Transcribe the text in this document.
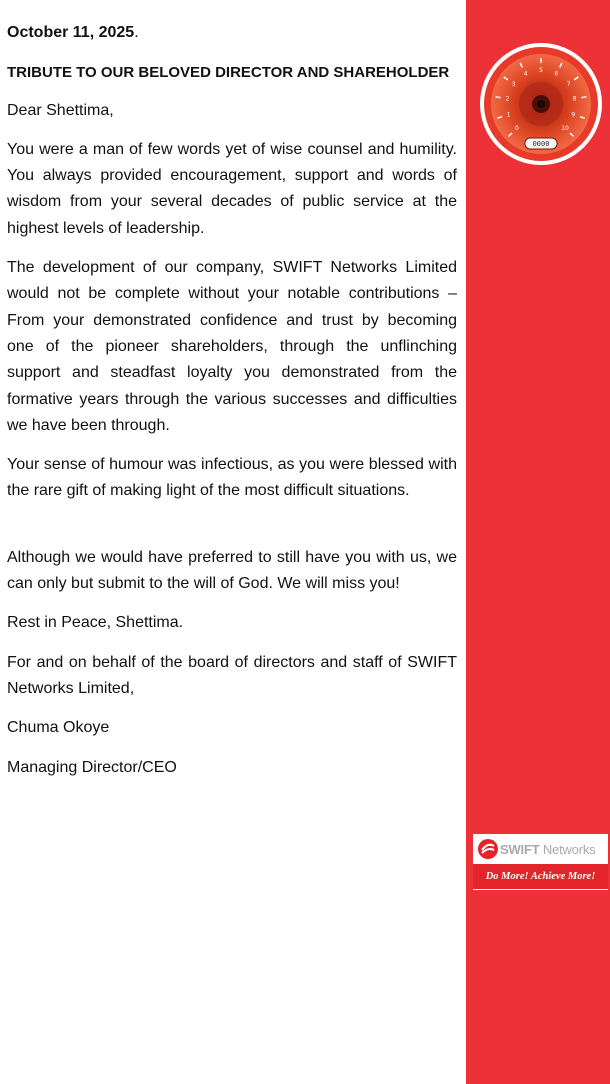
October 11, 2025.

TRIBUTE TO OUR BELOVED DIRECTOR AND SHAREHOLDER

Dear Shettima,

You were a man of few words yet of wise counsel and humility. You always provided encouragement, support and words of wisdom from your several decades of public service at the highest levels of leadership.

The development of our company, SWIFT Networks Limited would not be complete without your notable contributions –From your demonstrated confidence and trust by becoming one of the pioneer shareholders, through the unflinching support and steadfast loyalty you demonstrated from the formative years through the various successes and difficulties we have been through.

Your sense of humour was infectious, as you were blessed with the rare gift of making light of the most difficult situations.

Although we would have preferred to still have you with us, we can only but submit to the will of God. We will miss you!

Rest in Peace, Shettima.

For and on behalf of the board of directors and staff of SWIFT Networks Limited,

Chuma Okoye

Managing Director/CEO

0
1
2
3
4
5
6
7
8
9
10
0000
SWIFT Networks
Do More! Achieve More!
